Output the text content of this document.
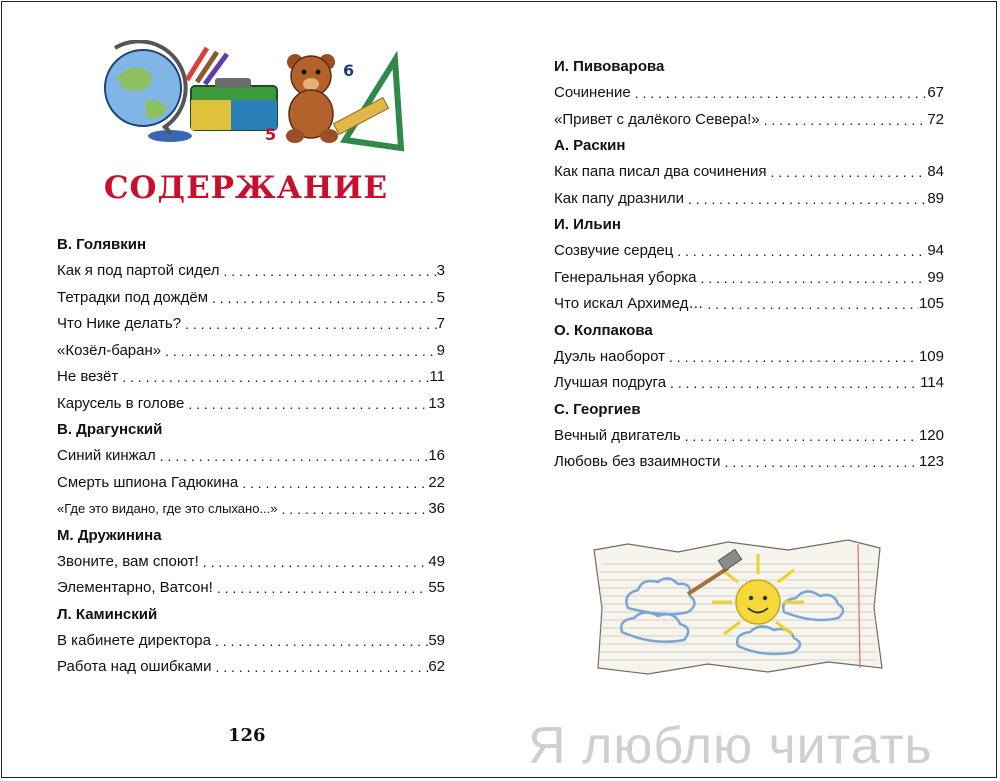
5
6
СОДЕРЖАНИЕ
В. Голявкин
Как я под партой сидел . . .	3
Тетрадки под дождём . . .	5
Что Нике делать? . . .	7
«Козёл-баран» . . .	9
Не везёт . . .	11
Карусель в голове . . .	13
В. Драгунский
Синий кинжал . . .	16
Смерть шпиона Гадюкина . . .	22
«Где это видано, где это слыхано...» . . .	36
М. Дружинина
Звоните, вам споют! . . .	49
Элементарно, Ватсон! . . .	55
Л. Каминский
В кабинете директора . . .	59
Работа над ошибками . . .	62
И. Пивоварова
Сочинение . . .	67
«Привет с далёкого Севера!» . . .	72
А. Раскин
Как папа писал два сочинения . . .	84
Как папу дразнили . . .	89
И. Ильин
Созвучие сердец . . .	94
Генеральная уборка . . .	99
Что искал Архимед… . . .	105
О. Колпакова
Дуэль наоборот . . .	109
Лучшая подруга . . .	114
С. Георгиев
Вечный двигатель . . .	120
Любовь без взаимности . . .	123
126	Я люблю читать
